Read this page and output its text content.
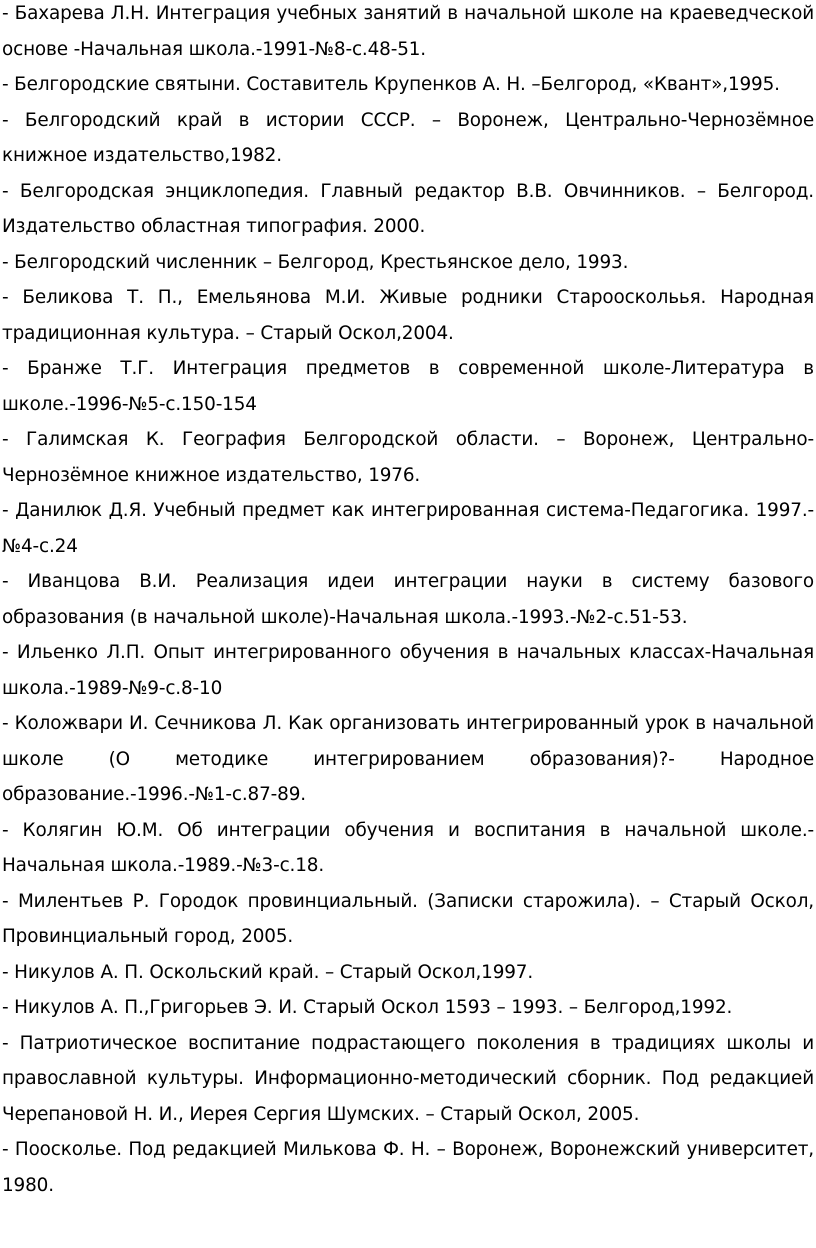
- Бахарева Л.Н. Интеграция учебных занятий в начальной школе на краеведческой основе -Начальная школа.-1991-№8-с.48-51.

- Белгородские святыни. Составитель Крупенков А. Н. –Белгород, «Квант»,1995.

- Белгородский край в истории СССР. – Воронеж, Центрально-Чернозёмное книжное издательство,1982.

- Белгородская энциклопедия. Главный редактор В.В. Овчинников. – Белгород. Издательство областная типография. 2000.

- Белгородский численник – Белгород, Крестьянское дело, 1993.

- Беликова Т. П., Емельянова М.И. Живые родники Старооскольья. Народная традиционная культура. – Старый Оскол,2004.

- Бранже Т.Г. Интеграция предметов в современной школе-Литература в школе.-1996-№5-с.150-154

- Галимская К. География Белгородской области. – Воронеж, Центрально-Чернозёмное книжное издательство, 1976.

- Данилюк Д.Я. Учебный предмет как интегрированная система-Педагогика. 1997.-№4-с.24

- Иванцова В.И. Реализация идеи интеграции науки в систему базового образования (в начальной школе)-Начальная школа.-1993.-№2-с.51-53.

- Ильенко Л.П. Опыт интегрированного обучения в начальных классах-Начальная школа.-1989-№9-с.8-10

- Коложвари И. Сечникова Л. Как организовать интегрированный урок в начальной школе (О методике интегрированием образования)?- Народное образование.-1996.-№1-с.87-89.

- Колягин Ю.М. Об интеграции обучения и воспитания в начальной школе.-Начальная школа.-1989.-№3-с.18.

- Милентьев Р. Городок провинциальный. (Записки старожила). – Старый Оскол, Провинциальный город, 2005.

- Никулов А. П. Оскольский край. – Старый Оскол,1997.

- Никулов А. П.,Григорьев Э. И. Старый Оскол 1593 – 1993. – Белгород,1992.

- Патриотическое воспитание подрастающего поколения в традициях школы и православной культуры. Информационно-методический сборник. Под редакцией Черепановой Н. И., Иерея Сергия Шумских. – Старый Оскол, 2005.

- Поосколье. Под редакцией Милькова Ф. Н. – Воронеж, Воронежский университет, 1980.
